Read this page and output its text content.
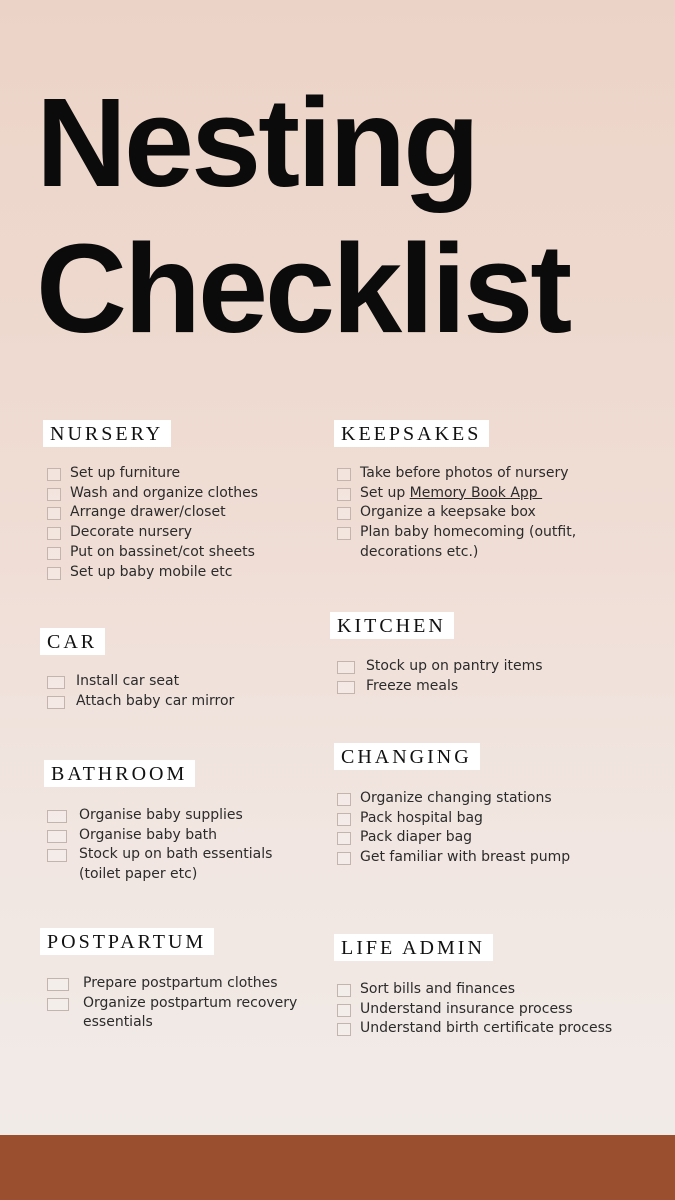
Nesting
Checklist
NURSERY
Set up furniture
Wash and organize clothes
Arrange drawer/closet
Decorate nursery
Put on bassinet/cot sheets
Set up baby mobile etc
KEEPSAKES
Take before photos of nursery
Set up Memory Book App
Organize a keepsake box
Plan baby homecoming (outfit, decorations etc.)
CAR
Install car seat
Attach baby car mirror
KITCHEN
Stock up on pantry items
Freeze meals
BATHROOM
Organise baby supplies
Organise baby bath
Stock up on bath essentials (toilet paper etc)
CHANGING
Organize changing stations
Pack hospital bag
Pack diaper bag
Get familiar with breast pump
POSTPARTUM
Prepare postpartum clothes
Organize postpartum recovery essentials
LIFE ADMIN
Sort bills and finances
Understand insurance process
Understand birth certificate process
